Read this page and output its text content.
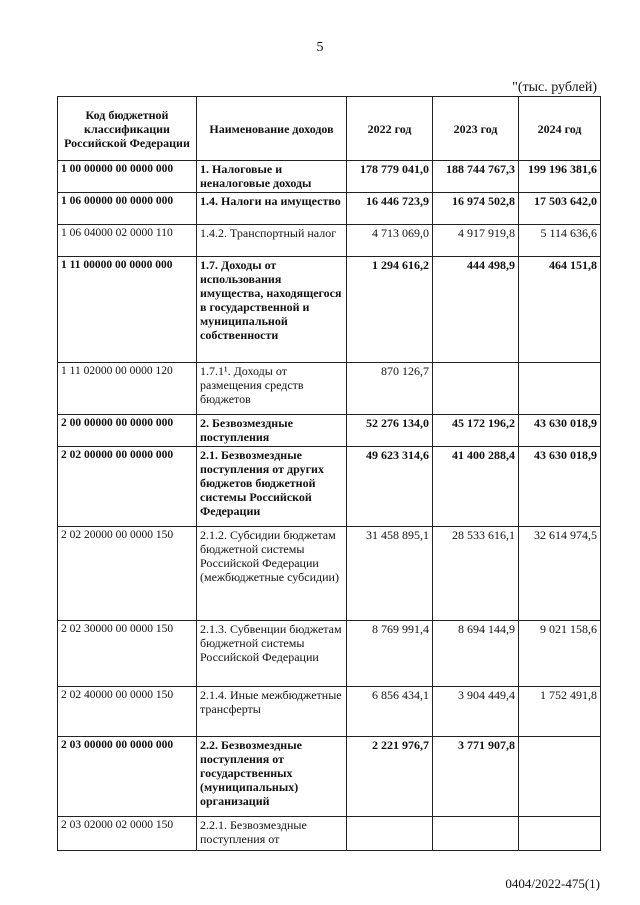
5
"(тыс. рублей)
Код бюджетной классификации Российской Федерации	Наименование доходов	2022 год	2023 год	2024 год
1 00 00000 00 0000 000	1. Налоговые и неналоговые доходы	178 779 041,0	188 744 767,3	199 196 381,6
1 06 00000 00 0000 000	1.4. Налоги на имущество	16 446 723,9	16 974 502,8	17 503 642,0
1 06 04000 02 0000 110	1.4.2. Транспортный налог	4 713 069,0	4 917 919,8	5 114 636,6
1 11 00000 00 0000 000	1.7. Доходы от использования имущества, находящегося в государственной и муниципальной собственности	1 294 616,2	444 498,9	464 151,8
1 11 02000 00 0000 120	1.7.1¹. Доходы от размещения средств бюджетов	870 126,7		
2 00 00000 00 0000 000	2. Безвозмездные поступления	52 276 134,0	45 172 196,2	43 630 018,9
2 02 00000 00 0000 000	2.1. Безвозмездные поступления от других бюджетов бюджетной системы Российской Федерации	49 623 314,6	41 400 288,4	43 630 018,9
2 02 20000 00 0000 150	2.1.2. Субсидии бюджетам бюджетной системы Российской Федерации (межбюджетные субсидии)	31 458 895,1	28 533 616,1	32 614 974,5
2 02 30000 00 0000 150	2.1.3. Субвенции бюджетам бюджетной системы Российской Федерации	8 769 991,4	8 694 144,9	9 021 158,6
2 02 40000 00 0000 150	2.1.4. Иные межбюджетные трансферты	6 856 434,1	3 904 449,4	1 752 491,8
2 03 00000 00 0000 000	2.2. Безвозмездные поступления от государственных (муниципальных) организаций	2 221 976,7	3 771 907,8	
2 03 02000 02 0000 150	2.2.1. Безвозмездные поступления от			
0404/2022-475(1)
